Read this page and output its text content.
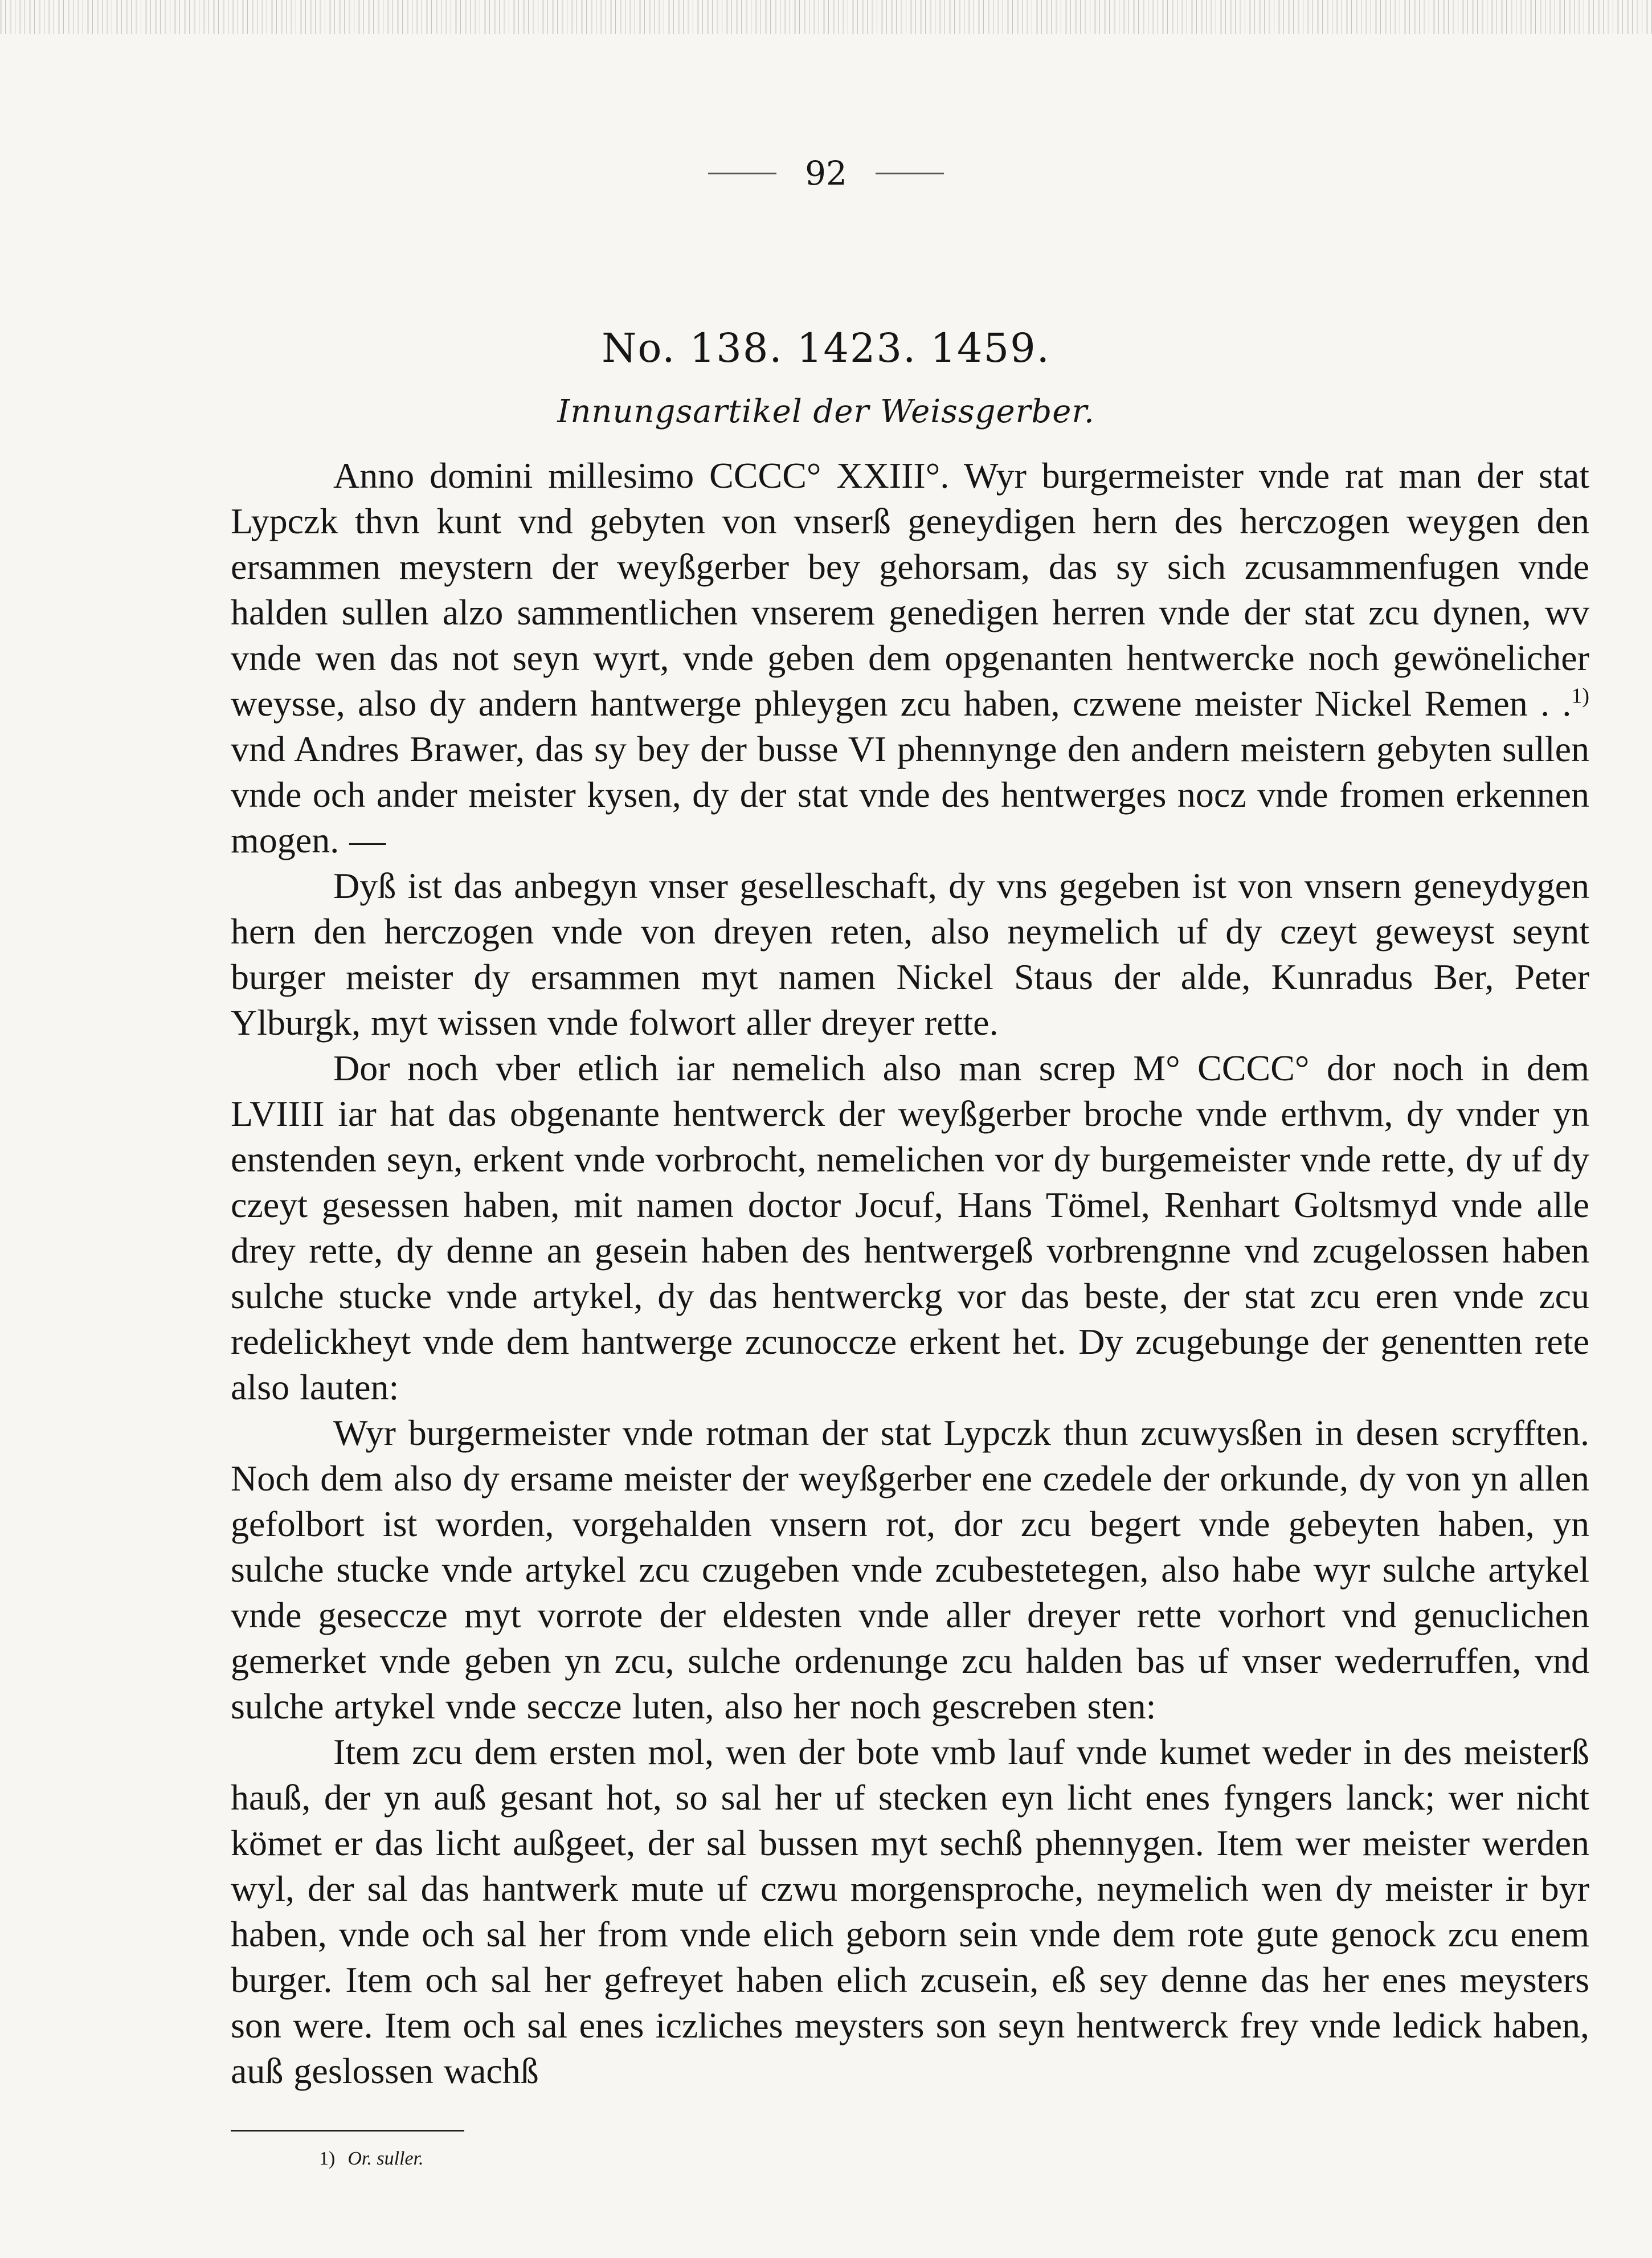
92
No. 138. 1423. 1459.
Innungsartikel der Weissgerber.

Anno domini millesimo CCCC° XXIII°. Wyr burgermeister vnde rat man der stat Lypczk thvn kunt vnd gebyten von vnserß geneydigen hern des herczogen weygen den ersammen meystern der weyßgerber bey gehorsam, das sy sich zcusammenfugen vnde halden sullen alzo sammentlichen vnserem genedigen herren vnde der stat zcu dynen, wv vnde wen das not seyn wyrt, vnde geben dem opgenanten hentwercke noch gewönelicher weysse, also dy andern hantwerge phleygen zcu haben, czwene meister Nickel Remen . .$^{1)}$ vnd Andres Brawer, das sy bey der busse VI phennynge den andern meistern gebyten sullen vnde och ander meister kysen, dy der stat vnde des hentwerges nocz vnde fromen erkennen mogen. —

Dyß ist das anbegyn vnser geselleschaft, dy vns gegeben ist von vnsern geneydygen hern den herczogen vnde von dreyen reten, also neymelich uf dy czeyt geweyst seynt burger meister dy ersammen myt namen Nickel Staus der alde, Kunradus Ber, Peter Ylburgk, myt wissen vnde folwort aller dreyer rette.

Dor noch vber etlich iar nemelich also man screp M° CCCC° dor noch in dem LVIIII iar hat das obgenante hentwerck der weyßgerber broche vnde erthvm, dy vnder yn enstenden seyn, erkent vnde vorbrocht, nemelichen vor dy burgemeister vnde rette, dy uf dy czeyt gesessen haben, mit namen doctor Jocuf, Hans Tömel, Renhart Goltsmyd vnde alle drey rette, dy denne an gesein haben des hentwergeß vorbrengnne vnd zcugelossen haben sulche stucke vnde artykel, dy das hentwerckg vor das beste, der stat zcu eren vnde zcu redelickheyt vnde dem hantwerge zcunoccze erkent het. Dy zcugebunge der genentten rete also lauten:

Wyr burgermeister vnde rotman der stat Lypczk thun zcuwysßen in desen scryfften. Noch dem also dy ersame meister der weyßgerber ene czedele der orkunde, dy von yn allen gefolbort ist worden, vorgehalden vnsern rot, dor zcu begert vnde gebeyten haben, yn sulche stucke vnde artykel zcu czugeben vnde zcubestetegen, also habe wyr sulche artykel vnde geseccze myt vorrote der eldesten vnde aller dreyer rette vorhort vnd genuclichen gemerket vnde geben yn zcu, sulche ordenunge zcu halden bas uf vnser wederruffen, vnd sulche artykel vnde seccze luten, also her noch gescreben sten:

Item zcu dem ersten mol, wen der bote vmb lauf vnde kumet weder in des meisterß hauß, der yn auß gesant hot, so sal her uf stecken eyn licht enes fyngers lanck; wer nicht kömet er das licht außgeet, der sal bussen myt sechß phennygen. Item wer meister werden wyl, der sal das hantwerk mute uf czwu morgensproche, neymelich wen dy meister ir byr haben, vnde och sal her from vnde elich geborn sein vnde dem rote gute genock zcu enem burger. Item och sal her gefreyet haben elich zcusein, eß sey denne das her enes meysters son were. Item och sal enes iczliches meysters son seyn hentwerck frey vnde ledick haben, auß geslossen wachß

1) Or. suller.
